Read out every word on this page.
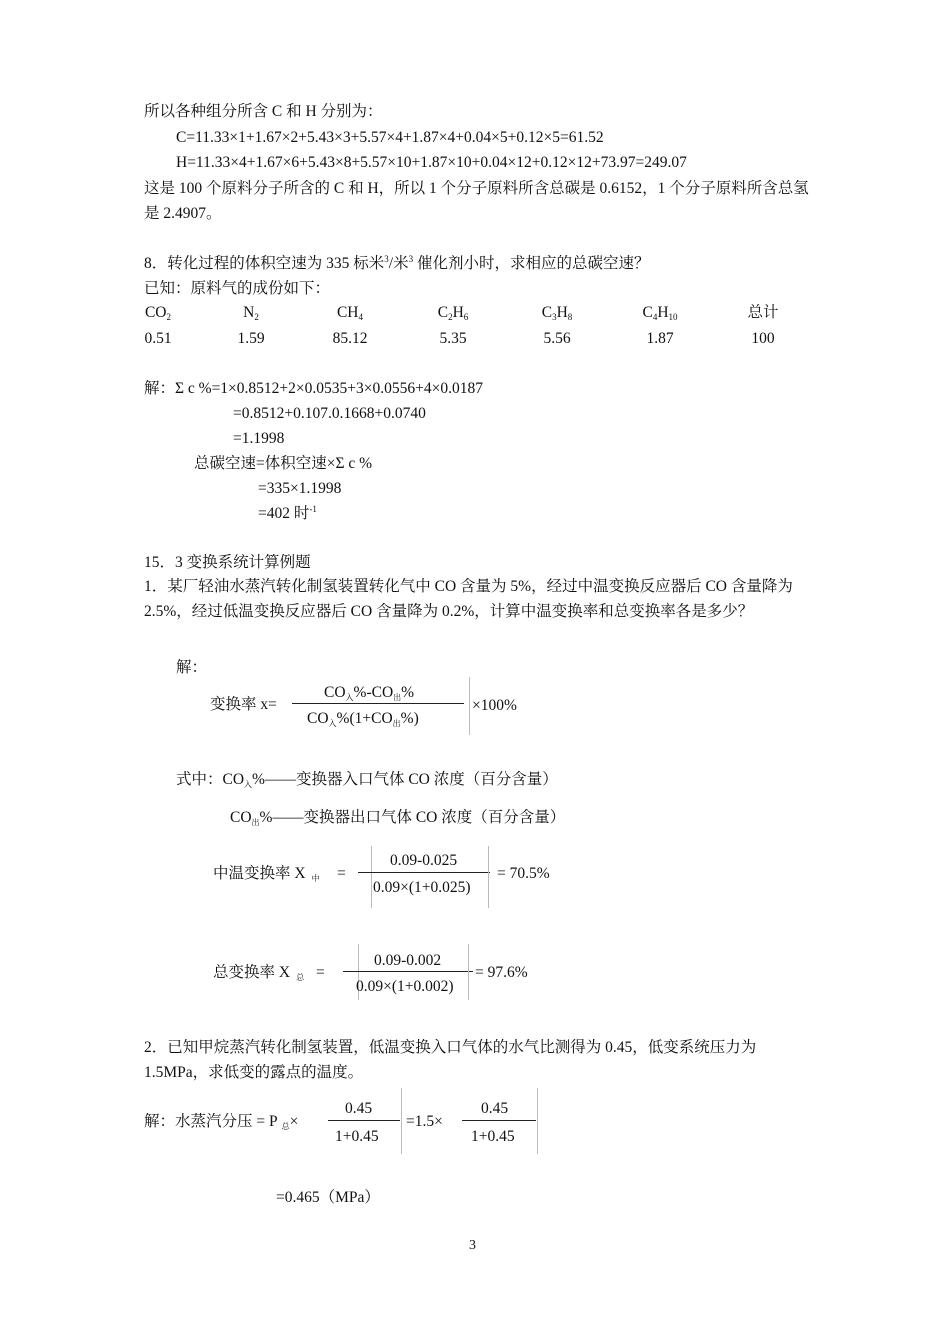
所以各种组分所含 C 和 H 分别为：
C=11.33×1+1.67×2+5.43×3+5.57×4+1.87×4+0.04×5+0.12×5=61.52
H=11.33×4+1.67×6+5.43×8+5.57×10+1.87×10+0.04×12+0.12×12+73.97=249.07
这是 100 个原料分子所含的 C 和 H，所以 1 个分子原料所含总碳是 0.6152，1 个分子原料所含总氢是 2.4907。
8．转化过程的体积空速为 335 标米$^3$/米$^3$ 催化剂小时，求相应的总碳空速？
已知：原料气的成份如下：
$CO_2$	$N_2$	$CH_4$	$C_2H_6$	$C_3H_8$	$C_4H_{10}$	总计
0.51	1.59	85.12	5.35	5.56	1.87	100
解：Σ c %=1×0.8512+2×0.0535+3×0.0556+4×0.0187
=0.8512+0.107.0.1668+0.0740
=1.1998
总碳空速=体积空速×Σ c %
=335×1.1998
=402 时$^{-1}$
15．3 变换系统计算例题
1．某厂轻油水蒸汽转化制氢装置转化气中 CO 含量为 5%，经过中温变换反应器后 CO 含量降为 2.5%，经过低温变换反应器后 CO 含量降为 0.2%，计算中温变换率和总变换率各是多少？
解：
变换率 x=
$CO_入\%-CO_出\%$
$CO_入\%(1+CO_出\%)$
×100%
式中：$CO_入\%——$变换器入口气体 CO 浓度（百分含量）
$CO_出\%——$变换器出口气体 CO 浓度（百分含量）
中温变换率 X $_中$ =
0.09-0.025
0.09×(1+0.025)
= 70.5%
总变换率 X $_总$ =
0.09-0.002
0.09×(1+0.002)
= 97.6%
2．已知甲烷蒸汽转化制氢装置，低温变换入口气体的水气比测得为 0.45，低变系统压力为 1.5MPa，求低变的露点的温度。
解：水蒸汽分压 = P $_总$×
0.45
1+0.45
=1.5×
0.45
1+0.45
=0.465（MPa）
3
